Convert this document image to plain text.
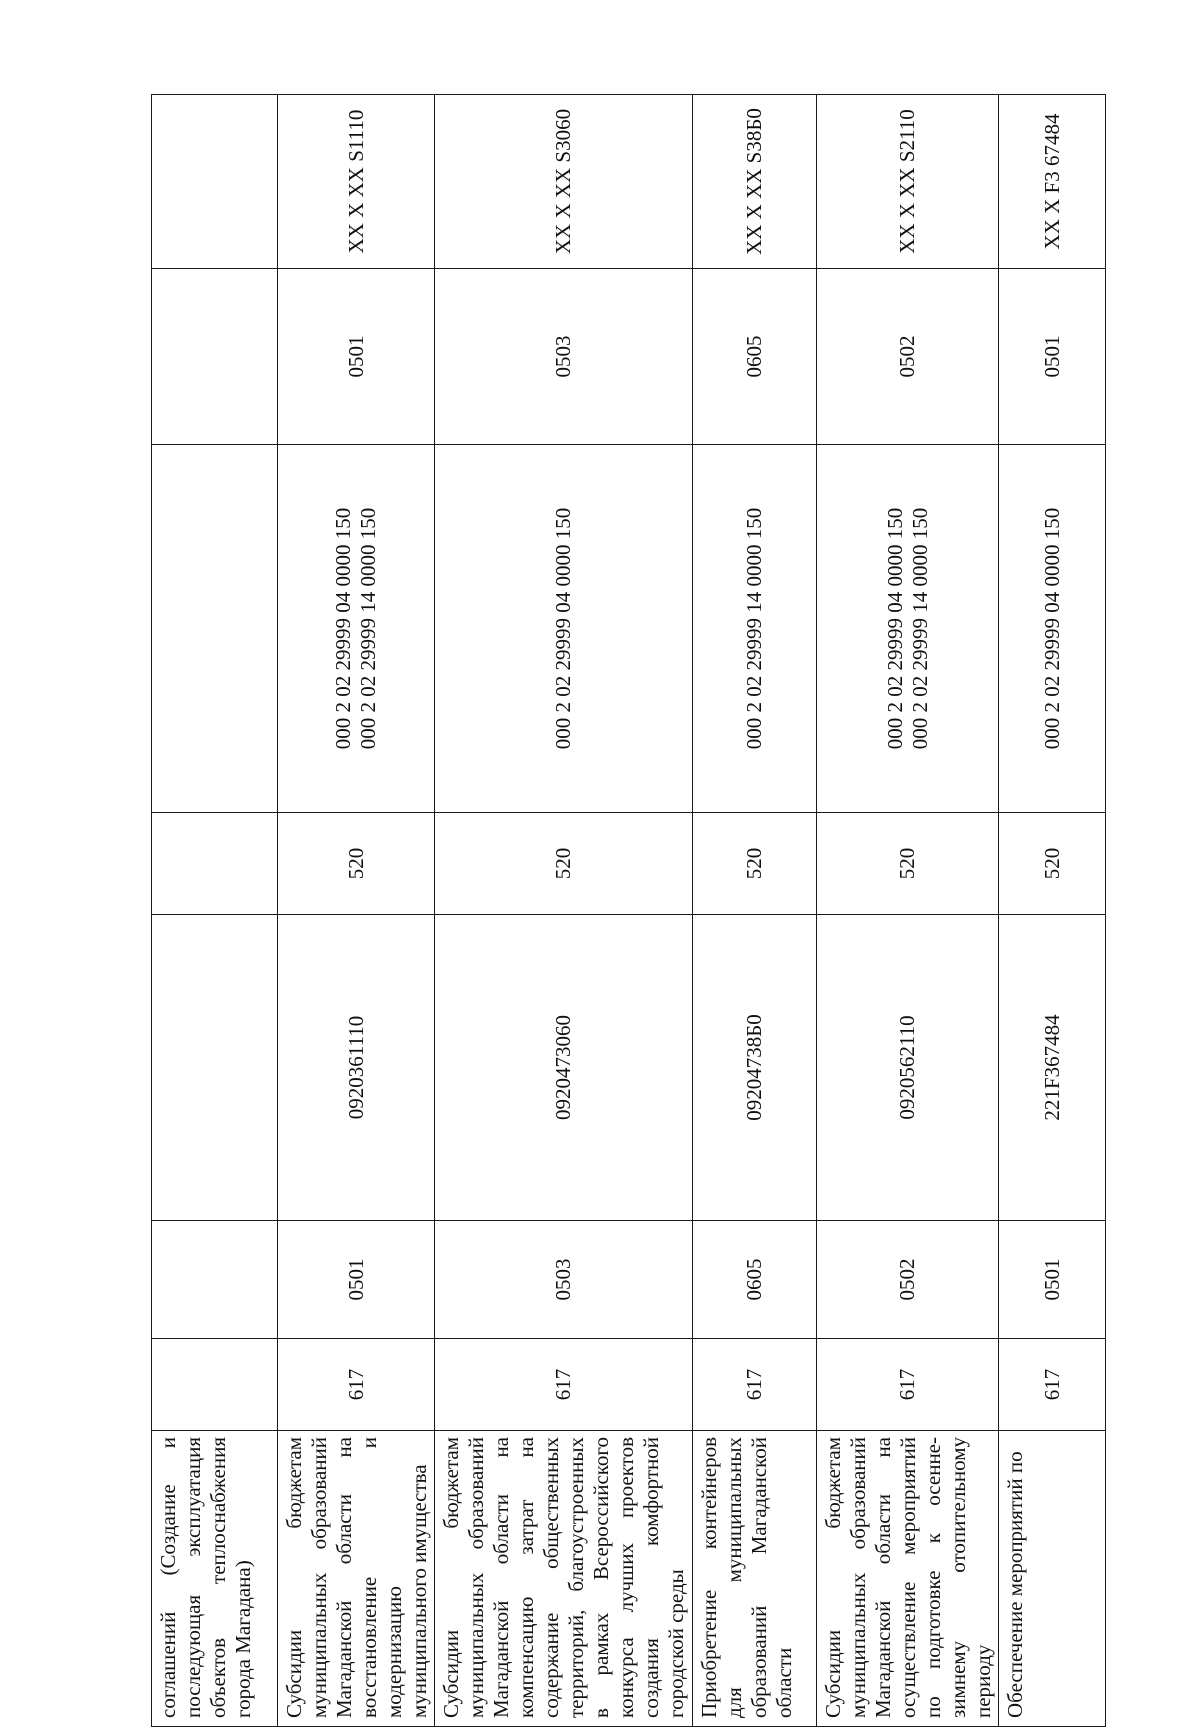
соглашений (Создание и последующая эксплуатация объектов теплоснабжения города Магадана)							
Субсидии бюджетам муниципальных образований Магаданской области на восстановление и модернизацию муниципального имущества	617	0501	0920361110	520	000 2 02 29999 04 0000 150 000 2 02 29999 14 0000 150	0501	XX X XX S1110
Субсидии бюджетам муниципальных образований Магаданской области на компенсацию затрат на содержание общественных территорий, благоустроенных в рамках Всероссийского конкурса лучших проектов создания комфортной городской среды	617	0503	0920473060	520	000 2 02 29999 04 0000 150	0503	XX X XX S3060
Приобретение контейнеров для муниципальных образований Магаданской области	617	0605	09204738Б0	520	000 2 02 29999 14 0000 150	0605	XX X XX S38Б0
Субсидии бюджетам муниципальных образований Магаданской области на осуществление мероприятий по подготовке к осенне-зимнему отопительному периоду	617	0502	0920562110	520	000 2 02 29999 04 0000 150 000 2 02 29999 14 0000 150	0502	XX X XX S2110
Обеспечение мероприятий по	617	0501	221F367484	520	000 2 02 29999 04 0000 150	0501	XX X F3 67484
